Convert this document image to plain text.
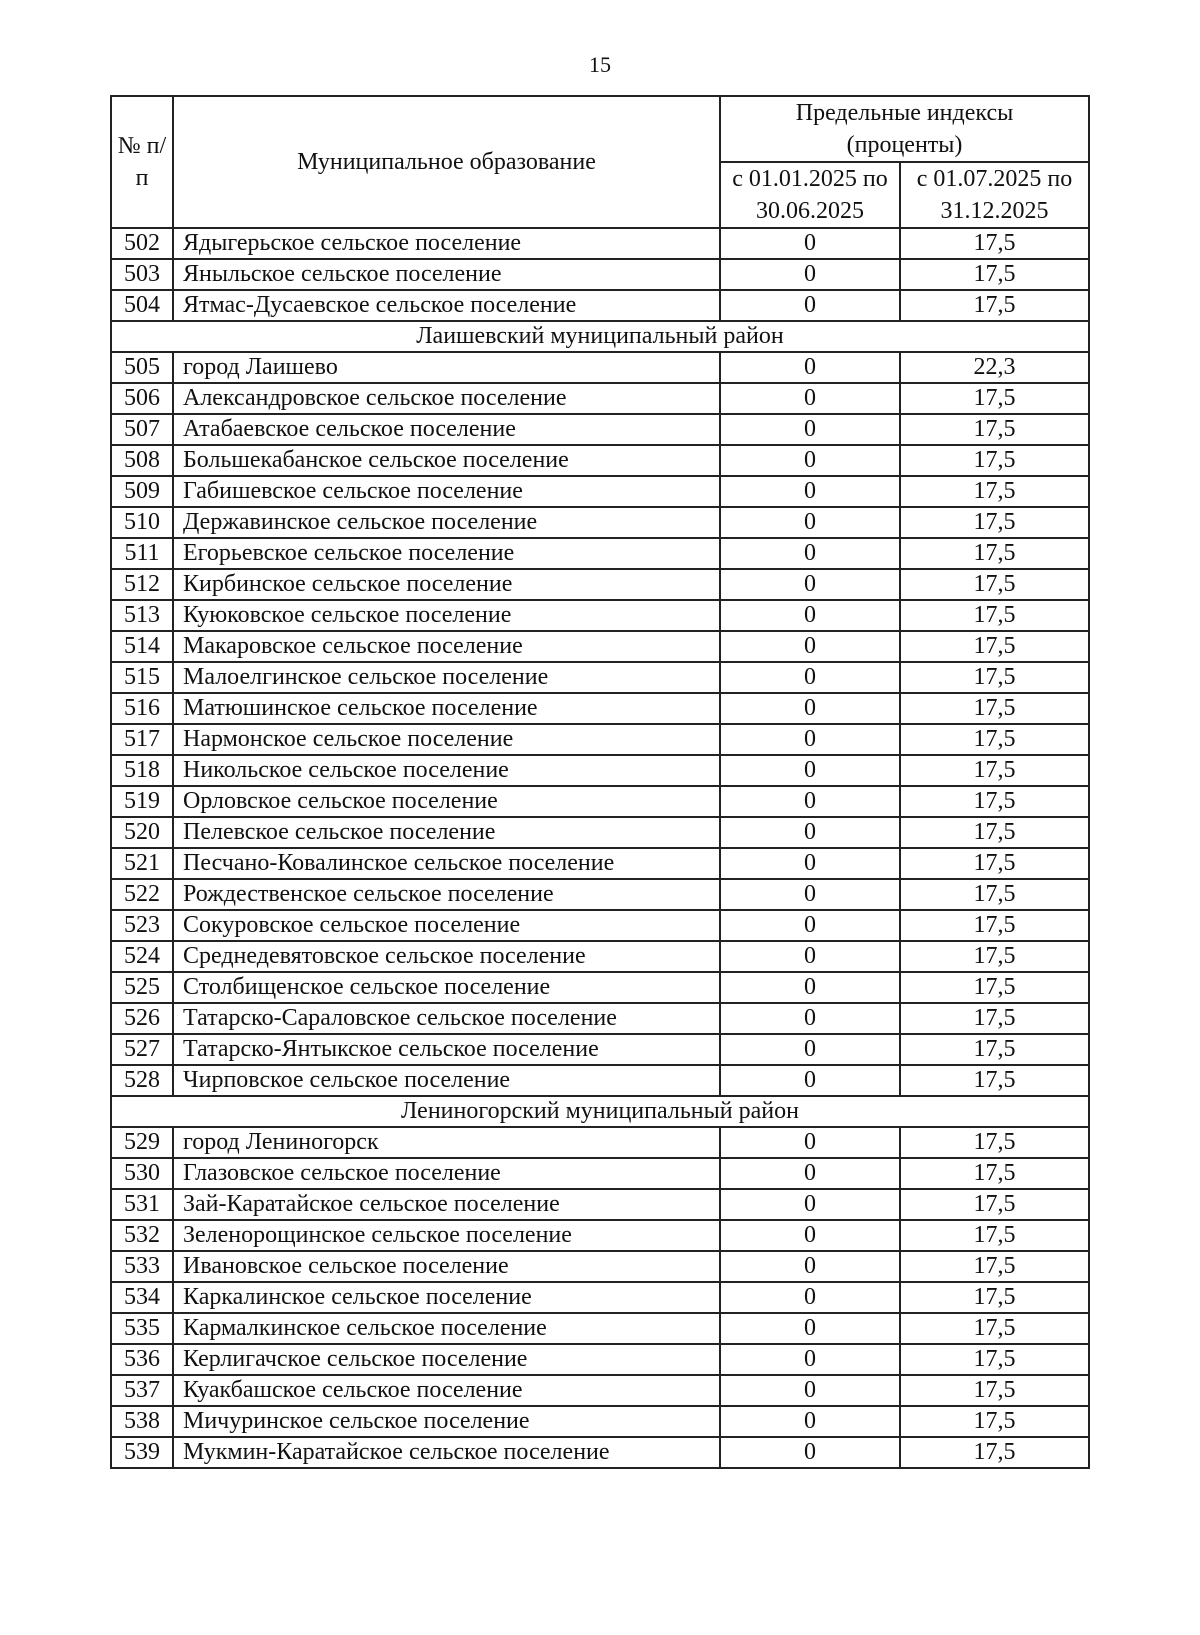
15
№ п/п	Муниципальное образование	Предельные индексы (проценты)	
		с 01.01.2025 по 30.06.2025	с 01.07.2025 по 31.12.2025
502	Ядыгерьское сельское поселение	0	17,5
503	Яныльское сельское поселение	0	17,5
504	Ятмас-Дусаевское сельское поселение	0	17,5
Лаишевский муниципальный район			
505	город Лаишево	0	22,3
506	Александровское сельское поселение	0	17,5
507	Атабаевское сельское поселение	0	17,5
508	Большекабанское сельское поселение	0	17,5
509	Габишевское сельское поселение	0	17,5
510	Державинское сельское поселение	0	17,5
511	Егорьевское сельское поселение	0	17,5
512	Кирбинское сельское поселение	0	17,5
513	Куюковское сельское поселение	0	17,5
514	Макаровское сельское поселение	0	17,5
515	Малоелгинское сельское поселение	0	17,5
516	Матюшинское сельское поселение	0	17,5
517	Нармонское сельское поселение	0	17,5
518	Никольское сельское поселение	0	17,5
519	Орловское сельское поселение	0	17,5
520	Пелевское сельское поселение	0	17,5
521	Песчано-Ковалинское сельское поселение	0	17,5
522	Рождественское сельское поселение	0	17,5
523	Сокуровское сельское поселение	0	17,5
524	Среднедевятовское сельское поселение	0	17,5
525	Столбищенское сельское поселение	0	17,5
526	Татарско-Сараловское сельское поселение	0	17,5
527	Татарско-Янтыкское сельское поселение	0	17,5
528	Чирповское сельское поселение	0	17,5
Лениногорский муниципальный район			
529	город Лениногорск	0	17,5
530	Глазовское сельское поселение	0	17,5
531	Зай-Каратайское сельское поселение	0	17,5
532	Зеленорощинское сельское поселение	0	17,5
533	Ивановское сельское поселение	0	17,5
534	Каркалинское сельское поселение	0	17,5
535	Кармалкинское сельское поселение	0	17,5
536	Керлигачское сельское поселение	0	17,5
537	Куакбашское сельское поселение	0	17,5
538	Мичуринское сельское поселение	0	17,5
539	Мукмин-Каратайское сельское поселение	0	17,5
